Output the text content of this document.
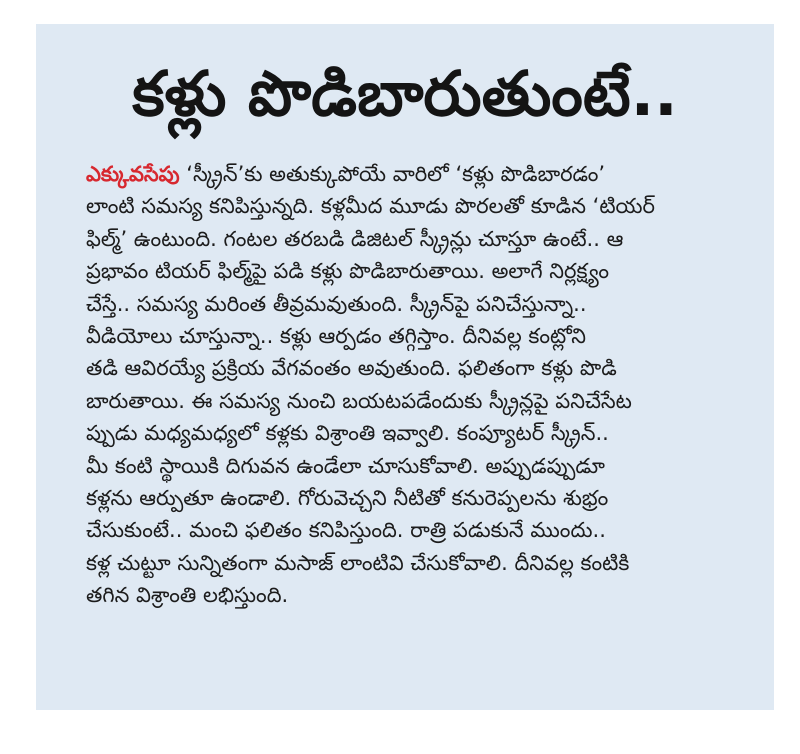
కళ్లు పొడిబారుతుంటే..
ఎక్కువసేపు ‘స్క్రీన్’కు అతుక్కుపోయే వారిలో ‘కళ్లు పొడిబారడం’
లాంటి సమస్య కనిపిస్తున్నది. కళ్లమీద మూడు పొరలతో కూడిన ‘టియర్
ఫిల్మ్’ ఉంటుంది. గంటల తరబడి డిజిటల్ స్క్రీన్లు చూస్తూ ఉంటే.. ఆ
ప్రభావం టియర్ ఫిల్మ్‌పై పడి కళ్లు పొడిబారుతాయి. అలాగే నిర్లక్ష్యం
చేస్తే.. సమస్య మరింత తీవ్రమవుతుంది. స్క్రీన్‌పై పనిచేస్తున్నా..
వీడియోలు చూస్తున్నా.. కళ్లు ఆర్పడం తగ్గిస్తాం. దీనివల్ల కంట్లోని
తడి ఆవిరయ్యే ప్రక్రియ వేగవంతం అవుతుంది. ఫలితంగా కళ్లు పొడి
బారుతాయి. ఈ సమస్య నుంచి బయటపడేందుకు స్క్రీన్లపై పనిచేసేట
ప్పుడు మధ్యమధ్యలో కళ్లకు విశ్రాంతి ఇవ్వాలి. కంప్యూటర్ స్క్రీన్..
మీ కంటి స్థాయికి దిగువన ఉండేలా చూసుకోవాలి. అప్పుడప్పుడూ
కళ్లను ఆర్పుతూ ఉండాలి. గోరువెచ్చని నీటితో కనురెప్పలను శుభ్రం
చేసుకుంటే.. మంచి ఫలితం కనిపిస్తుంది. రాత్రి పడుకునే ముందు..
కళ్ల చుట్టూ సున్నితంగా మసాజ్ లాంటివి చేసుకోవాలి. దీనివల్ల కంటికి
తగిన విశ్రాంతి లభిస్తుంది.
